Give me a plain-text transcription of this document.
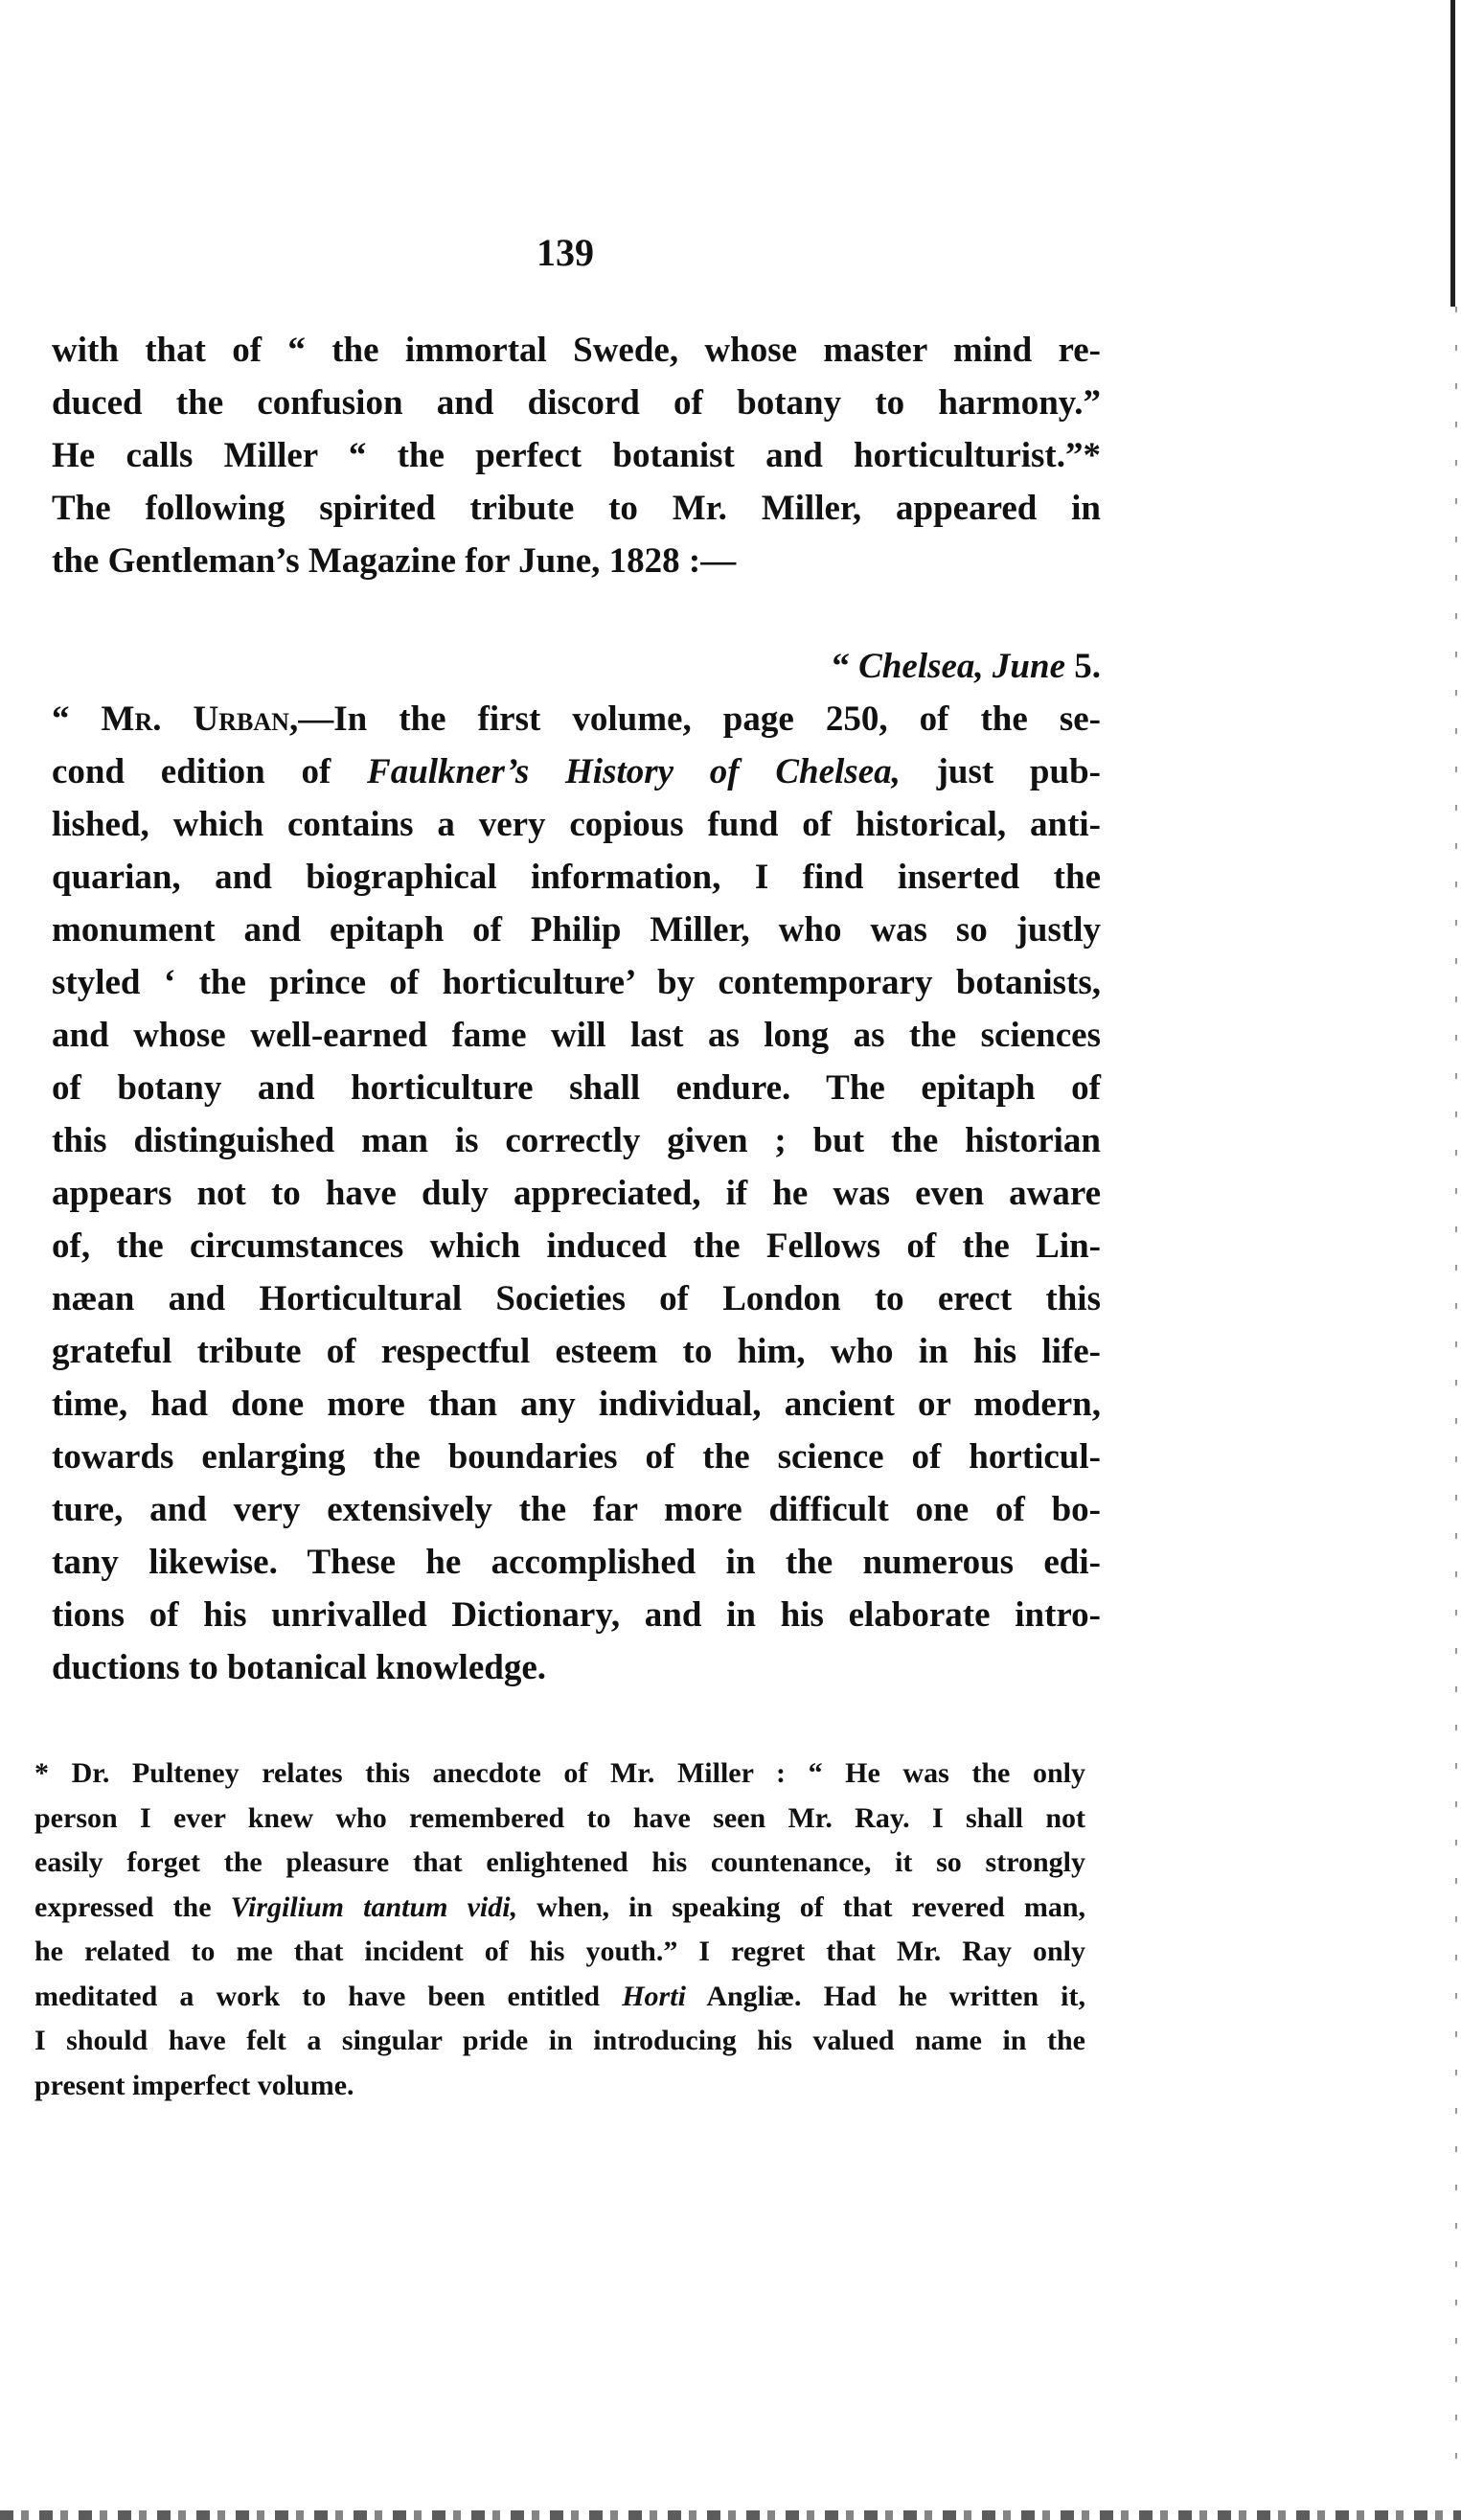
139
with that of “ the immortal Swede, whose master mind re-
duced the confusion and discord of botany to harmony.”
He calls Miller “ the perfect botanist and horticulturist.”*
The following spirited tribute to Mr. Miller, appeared in
the Gentleman’s Magazine for June, 1828 :—
“ Chelsea, June 5.
“ Mr. Urban,—In the first volume, page 250, of the se-
cond edition of Faulkner’s History of Chelsea, just pub-
lished, which contains a very copious fund of historical, anti-
quarian, and biographical information, I find inserted the
monument and epitaph of Philip Miller, who was so justly
styled ‘ the prince of horticulture’ by contemporary botanists,
and whose well-earned fame will last as long as the sciences
of botany and horticulture shall endure. The epitaph of
this distinguished man is correctly given ; but the historian
appears not to have duly appreciated, if he was even aware
of, the circumstances which induced the Fellows of the Lin-
næan and Horticultural Societies of London to erect this
grateful tribute of respectful esteem to him, who in his life-
time, had done more than any individual, ancient or modern,
towards enlarging the boundaries of the science of horticul-
ture, and very extensively the far more difficult one of bo-
tany likewise. These he accomplished in the numerous edi-
tions of his unrivalled Dictionary, and in his elaborate intro-
ductions to botanical knowledge.
* Dr. Pulteney relates this anecdote of Mr. Miller : “ He was the only
person I ever knew who remembered to have seen Mr. Ray. I shall not
easily forget the pleasure that enlightened his countenance, it so strongly
expressed the Virgilium tantum vidi, when, in speaking of that revered man,
he related to me that incident of his youth.” I regret that Mr. Ray only
meditated a work to have been entitled Horti Angliæ. Had he written it,
I should have felt a singular pride in introducing his valued name in the
present imperfect volume.
